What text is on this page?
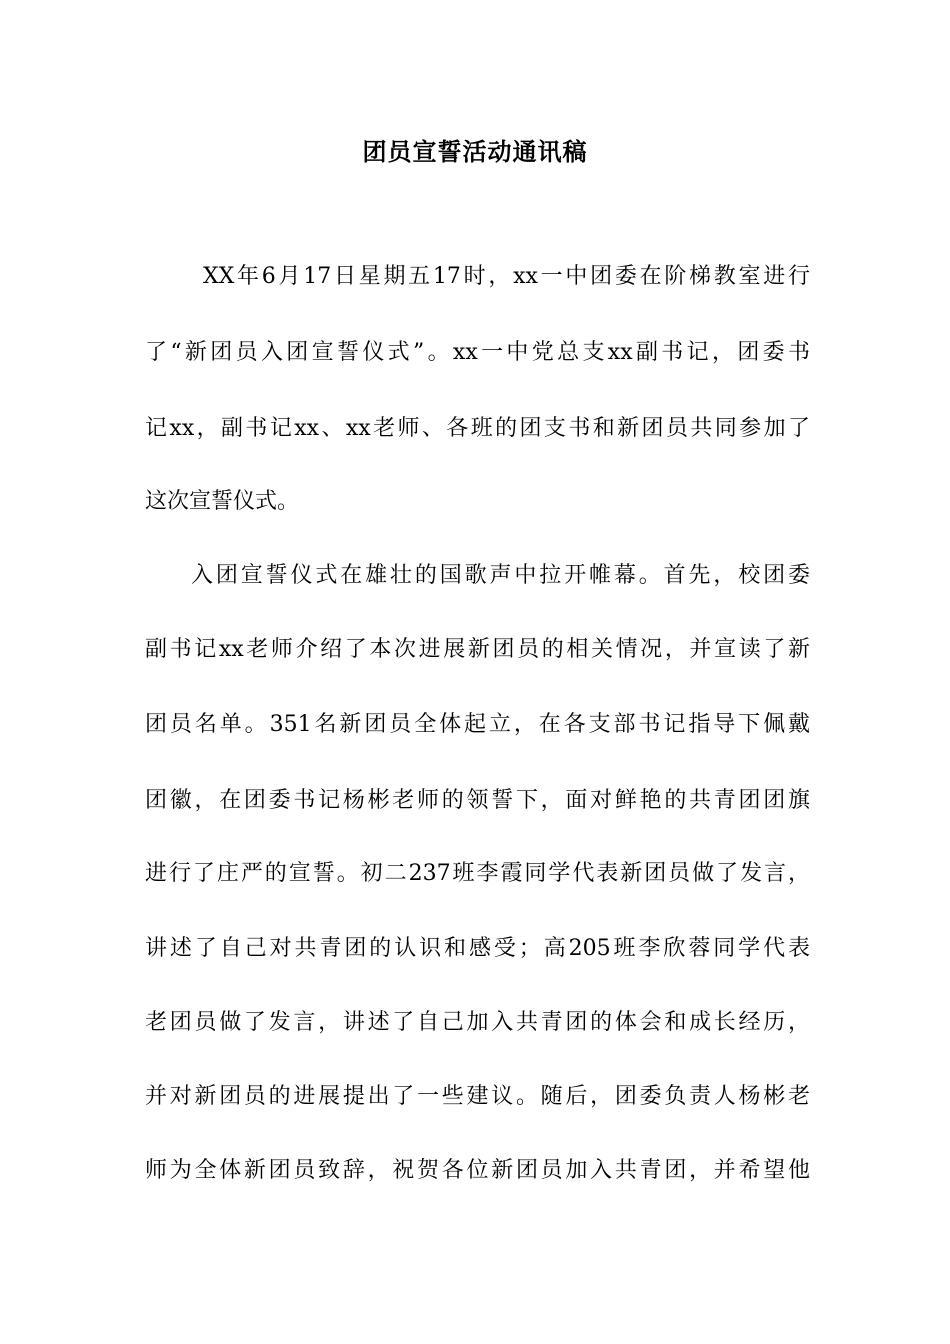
团员宣誓活动通讯稿
XX年6月17日星期五17时，xx一中团委在阶梯教室进行
了“新团员入团宣誓仪式”。xx一中党总支xx副书记，团委书
记xx，副书记xx、xx老师、各班的团支书和新团员共同参加了
这次宣誓仪式。
入团宣誓仪式在雄壮的国歌声中拉开帷幕。首先，校团委
副书记xx老师介绍了本次进展新团员的相关情况，并宣读了新
团员名单。351名新团员全体起立，在各支部书记指导下佩戴
团徽，在团委书记杨彬老师的领誓下，面对鲜艳的共青团团旗
进行了庄严的宣誓。初二237班李霞同学代表新团员做了发言，
讲述了自己对共青团的认识和感受；高205班李欣蓉同学代表
老团员做了发言，讲述了自己加入共青团的体会和成长经历，
并对新团员的进展提出了一些建议。随后，团委负责人杨彬老
师为全体新团员致辞，祝贺各位新团员加入共青团，并希望他
